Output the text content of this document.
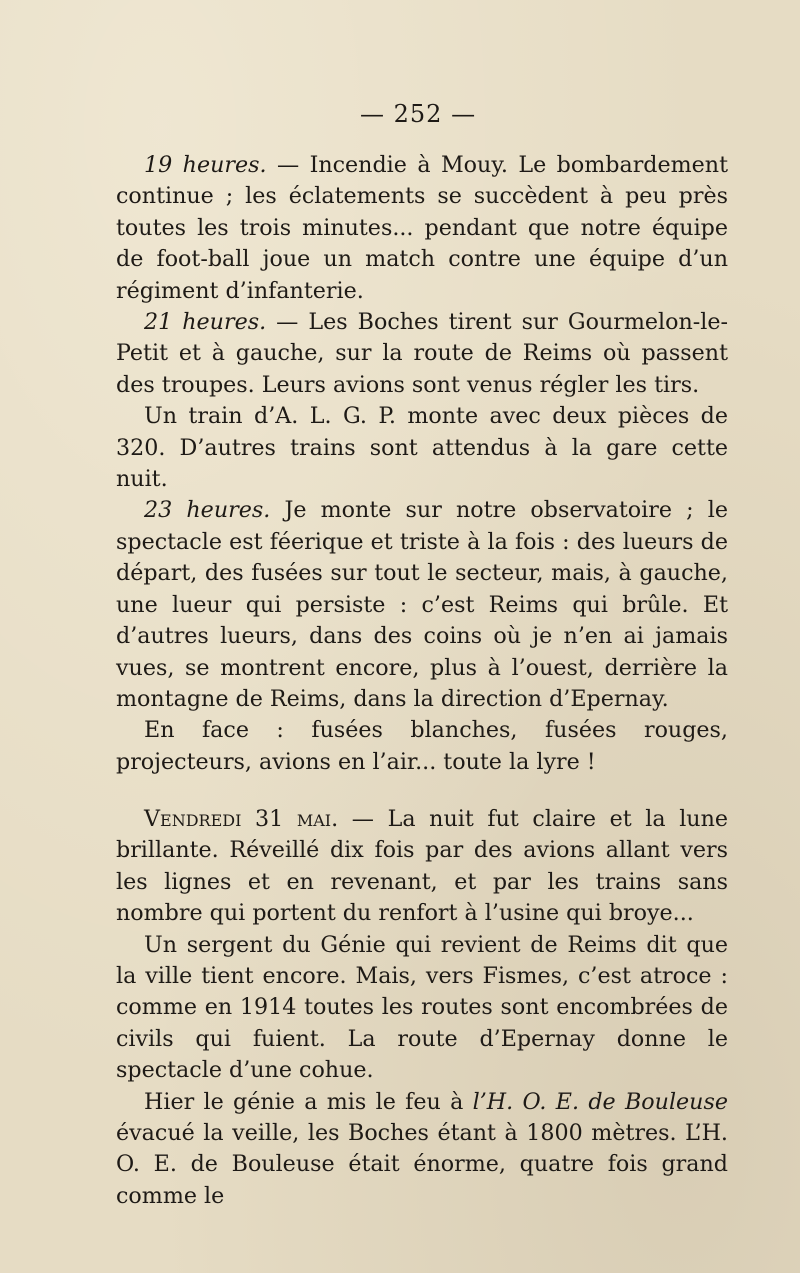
— 252 —

19 heures. — Incendie à Mouy. Le bombardement continue ; les éclatements se succèdent à peu près toutes les trois minutes... pendant que notre équipe de foot-ball joue un match contre une équipe d’un régiment d’infanterie.

21 heures. — Les Boches tirent sur Gourmelon-le-Petit et à gauche, sur la route de Reims où passent des troupes. Leurs avions sont venus régler les tirs.

Un train d’A. L. G. P. monte avec deux pièces de 320. D’autres trains sont attendus à la gare cette nuit.

23 heures. Je monte sur notre observatoire ; le spectacle est féerique et triste à la fois : des lueurs de départ, des fusées sur tout le secteur, mais, à gauche, une lueur qui persiste : c’est Reims qui brûle. Et d’autres lueurs, dans des coins où je n’en ai jamais vues, se montrent encore, plus à l’ouest, derrière la montagne de Reims, dans la direction d’Epernay.

En face : fusées blanches, fusées rouges, projecteurs, avions en l’air... toute la lyre !

Vendredi 31 mai. — La nuit fut claire et la lune brillante. Réveillé dix fois par des avions allant vers les lignes et en revenant, et par les trains sans nombre qui portent du renfort à l’usine qui broye...

Un sergent du Génie qui revient de Reims dit que la ville tient encore. Mais, vers Fismes, c’est atroce : comme en 1914 toutes les routes sont encombrées de civils qui fuient. La route d’Epernay donne le spectacle d’une cohue.

Hier le génie a mis le feu à l’H. O. E. de Bouleuse évacué la veille, les Boches étant à 1800 mètres. L’H. O. E. de Bouleuse était énorme, quatre fois grand comme le
